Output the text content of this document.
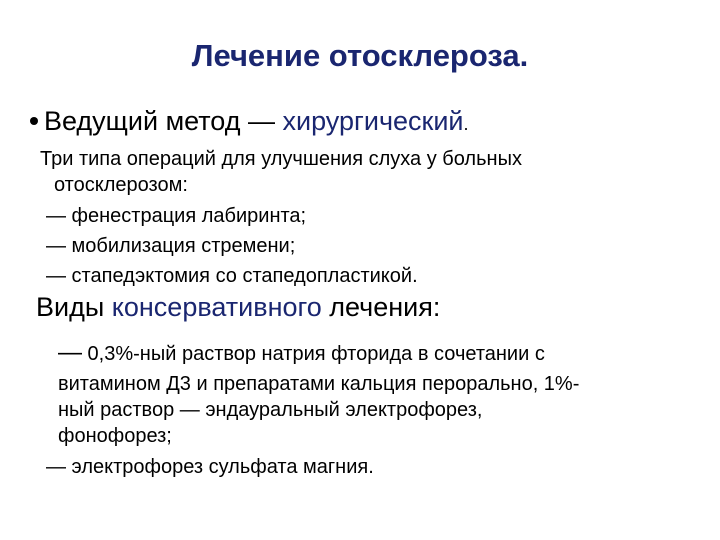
Лечение отосклероза.
Ведущий метод — хирургический.
Три типа операций для улучшения слуха у больных
отосклерозом:
— фенестрация лабиринта;
— мобилизация стремени;
— стапедэктомия со стапедопластикой.
Виды консервативного лечения:
— 0,3%-ный раствор натрия фторида в сочетании с
витамином Д3 и препаратами кальция перорально, 1%-
ный раствор — эндауральный электрофорез,
фонофорез;
— электрофорез сульфата магния.
